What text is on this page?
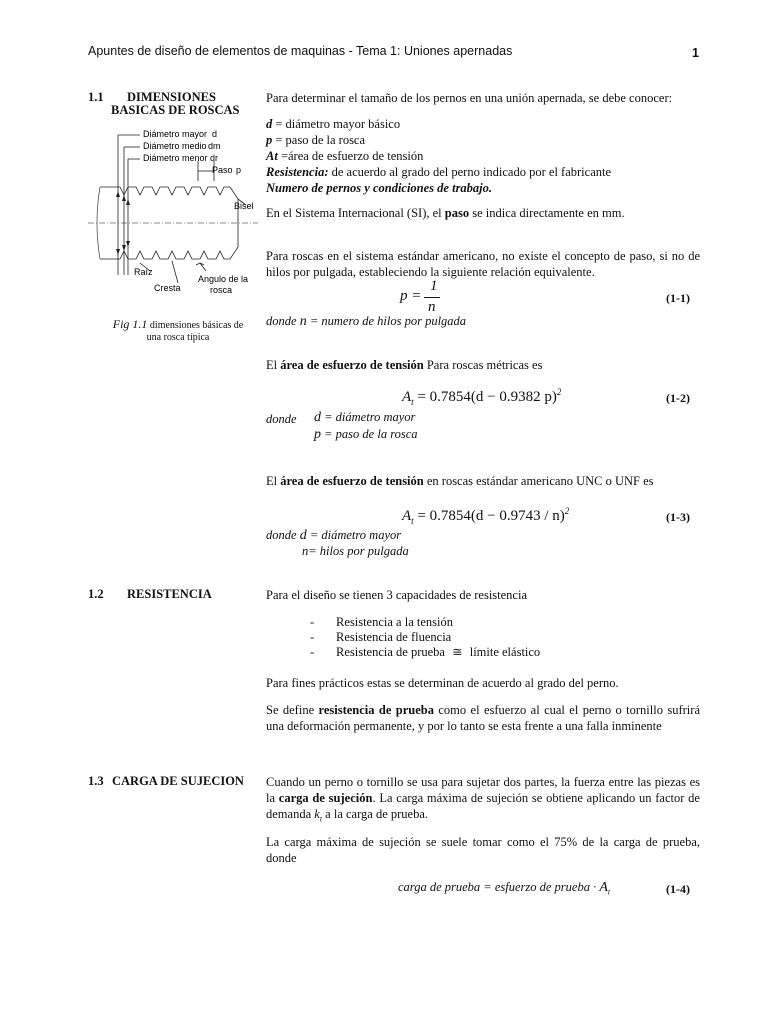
Apuntes de diseño de elementos de maquinas - Tema 1: Uniones apernadas	1
1.1 DIMENSIONES
BASICAS DE ROSCAS
Diámetro mayor d
Diámetro medio dm
Diámetro menor dr
Paso p
Bisel
Raíz
Cresta
Angulo de la
rosca
Fig 1.1 dimensiones básicas de
una rosca típica
Para determinar el tamaño de los pernos en una unión apernada, se debe conocer:
d = diámetro mayor básico
p = paso de la rosca
At =área de esfuerzo de tensión
Resistencia: de acuerdo al grado del perno indicado por el fabricante
Numero de pernos y condiciones de trabajo.
En el Sistema Internacional (SI), el paso se indica directamente en mm.
Para roscas en el sistema estándar americano, no existe el concepto de paso, si no de hilos por pulgada, estableciendo la siguiente relación equivalente.
p =
1
n
(1-1)
donde n = numero de hilos por pulgada
El área de esfuerzo de tensión Para roscas métricas es
$A_t = 0.7854(d - 0.9382$ p)$^2$	(1-2)
donde d = diámetro mayor
p = paso de la rosca
El área de esfuerzo de tensión en roscas estándar americano UNC o UNF es
$A_t = 0.7854(d - 0.9743 / n)^2$	(1-3)
donde d = diámetro mayor
n= hilos por pulgada
1.2 RESISTENCIA	Para el diseño se tienen 3 capacidades de resistencia
- Resistencia a la tensión
- Resistencia de fluencia
- Resistencia de prueba ≅ límite elástico
Para fines prácticos estas se determinan de acuerdo al grado del perno.
Se define resistencia de prueba como el esfuerzo al cual el perno o tornillo sufrirá una deformación permanente, y por lo tanto se esta frente a una falla inminente
1.3 CARGA DE SUJECION Cuando un perno o tornillo se usa para sujetar dos partes, la fuerza entre las piezas es la carga de sujeción. La carga máxima de sujeción se obtiene aplicando un factor de demanda $k_t$ a la carga de prueba.
La carga máxima de sujeción se suele tomar como el 75% de la carga de prueba, donde
carga de prueba = esfuerzo de prueba · $A_t$	(1-4)
